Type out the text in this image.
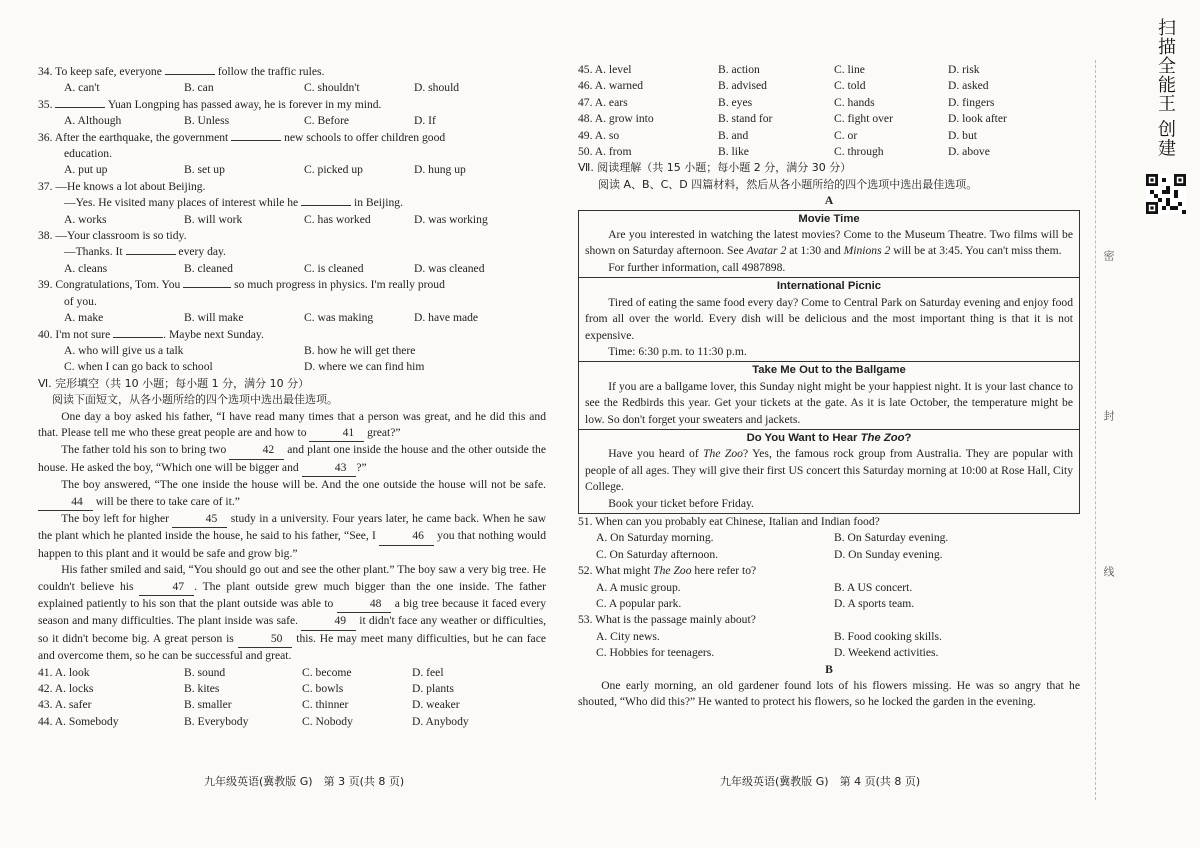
34. To keep safe, everyone	follow the traffic rules.
A. can't	B. can	C. shouldn't	D. should
35.	Yuan Longping has passed away, he is forever in my mind.
A. Although	B. Unless	C. Before	D. If
36. After the earthquake, the government	new schools to offer children good
education.
A. put up	B. set up	C. picked up	D. hung up
37. —He knows a lot about Beijing.
—Yes. He visited many places of interest while he	in Beijing.
A. works	B. will work	C. has worked	D. was working
38. —Your classroom is so tidy.
—Thanks. It	every day.
A. cleans	B. cleaned	C. is cleaned	D. was cleaned
39. Congratulations, Tom. You	so much progress in physics. I'm really proud
of you.
A. make	B. will make	C. was making	D. have made
40. I'm not sure	. Maybe next Sunday.
A. who will give us a talk	B. how he will get there
C. when I can go back to school	D. where we can find him
Ⅵ. 完形填空（共 10 小题；每小题 1 分，满分 10 分）
阅读下面短文，从各小题所给的四个选项中选出最佳选项。
One day a boy asked his father, “I have read many times that a person was great, and he did this and that. Please tell me who these great people are and how to	41 great?”
The father told his son to bring two	42 and plant one inside the house and the other outside the house. He asked the boy, “Which one will be bigger and	43 ?”
The boy answered, “The one inside the house will be. And the one outside the house will not be safe. 44 will be there to take care of it.”
The boy left for higher	45 study in a university. Four years later, he came back. When he saw the plant which he planted inside the house, he said to his father, “See, I	46 you that nothing would happen to this plant and it would be safe and grow big.”
His father smiled and said, “You should go out and see the other plant.” The boy saw a very big tree. He couldn't believe his	47 . The plant outside grew much bigger than the one inside. The father explained patiently to his son that the plant outside was able to	48 a big tree because it faced every season and many difficulties. The plant inside was safe.	49 it didn't face any weather or difficulties, so it didn't become big. A great person is	50 this. He may meet many difficulties, but he can face and overcome them, so he can be successful and great.
41. A. look	B. sound	C. become	D. feel
42. A. locks	B. kites	C. bowls	D. plants
43. A. safer	B. smaller	C. thinner	D. weaker
44. A. Somebody	B. Everybody	C. Nobody	D. Anybody
九年级英语(冀教版 G)　第 3 页(共 8 页)
45. A. level	B. action	C. line	D. risk
46. A. warned	B. advised	C. told	D. asked
47. A. ears	B. eyes	C. hands	D. fingers
48. A. grow into	B. stand for	C. fight over	D. look after
49. A. so	B. and	C. or	D. but
50. A. from	B. like	C. through	D. above
Ⅶ. 阅读理解（共 15 小题；每小题 2 分，满分 30 分）
阅读 A、B、C、D 四篇材料，然后从各小题所给的四个选项中选出最佳选项。
A
Movie Time
Are you interested in watching the latest movies? Come to the Museum Theatre. Two films will be shown on Saturday afternoon. See Avatar 2 at 1:30 and Minions 2 will be at 3:45. You can't miss them.
For further information, call 4987898.
International Picnic
Tired of eating the same food every day? Come to Central Park on Saturday evening and enjoy food from all over the world. Every dish will be delicious and the most important thing is that it is not expensive.
Time: 6:30 p.m. to 11:30 p.m.
Take Me Out to the Ballgame
If you are a ballgame lover, this Sunday night might be your happiest night. It is your last chance to see the Redbirds this year. Get your tickets at the gate. As it is late October, the temperature might be low. So don't forget your sweaters and jackets.
Do You Want to Hear The Zoo?
Have you heard of The Zoo? Yes, the famous rock group from Australia. They are popular with people of all ages. They will give their first US concert this Saturday morning at 10:00 at Rose Hall, City College.
Book your ticket before Friday.
51. When can you probably eat Chinese, Italian and Indian food?
A. On Saturday morning.	B. On Saturday evening.
C. On Saturday afternoon.	D. On Sunday evening.
52. What might The Zoo here refer to?
A. A music group.	B. A US concert.
C. A popular park.	D. A sports team.
53. What is the passage mainly about?
A. City news.	B. Food cooking skills.
C. Hobbies for teenagers.	D. Weekend activities.
B
One early morning, an old gardener found lots of his flowers missing. He was so angry that he shouted, “Who did this?” He wanted to protect his flowers, so he locked the garden in the evening.
九年级英语(冀教版 G)　第 4 页(共 8 页)
密
封
线
扫描全能王 创建
